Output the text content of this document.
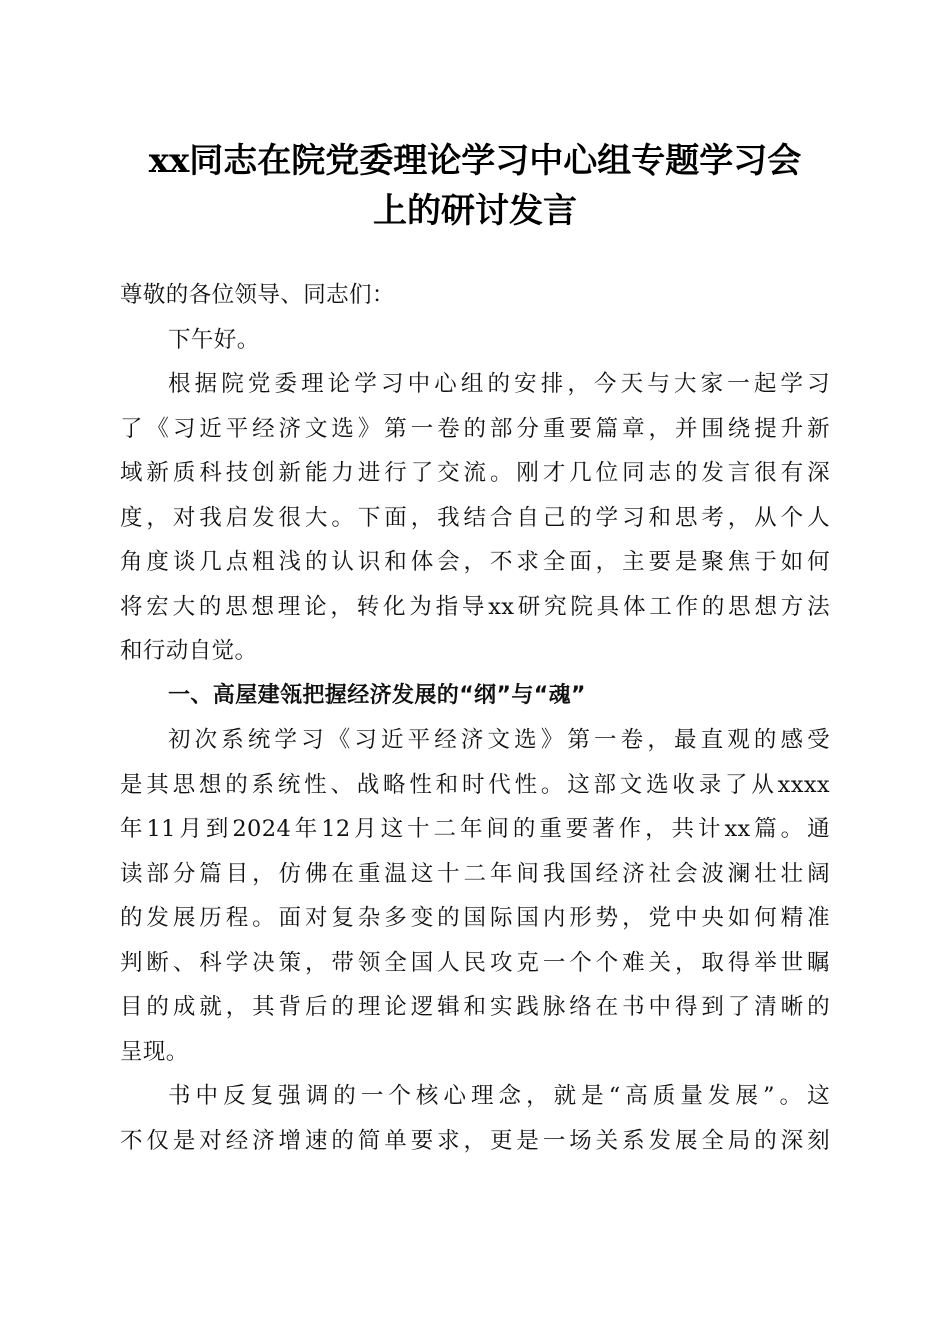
xx同志在院党委理论学习中心组专题学习会
上的研讨发言
尊敬的各位领导、同志们：
下午好。
根据院党委理论学习中心组的安排，今天与大家一起学习
了《习近平经济文选》第一卷的部分重要篇章，并围绕提升新
域新质科技创新能力进行了交流。刚才几位同志的发言很有深
度，对我启发很大。下面，我结合自己的学习和思考，从个人
角度谈几点粗浅的认识和体会，不求全面，主要是聚焦于如何
将宏大的思想理论，转化为指导xx研究院具体工作的思想方法
和行动自觉。
一、高屋建瓴把握经济发展的“纲”与“魂”
初次系统学习《习近平经济文选》第一卷，最直观的感受
是其思想的系统性、战略性和时代性。这部文选收录了从xxxx
年11月到2024年12月这十二年间的重要著作，共计xx篇。通
读部分篇目，仿佛在重温这十二年间我国经济社会波澜壮壮阔
的发展历程。面对复杂多变的国际国内形势，党中央如何精准
判断、科学决策，带领全国人民攻克一个个难关，取得举世瞩
目的成就，其背后的理论逻辑和实践脉络在书中得到了清晰的
呈现。
书中反复强调的一个核心理念，就是“高质量发展”。这
不仅是对经济增速的简单要求，更是一场关系发展全局的深刻
